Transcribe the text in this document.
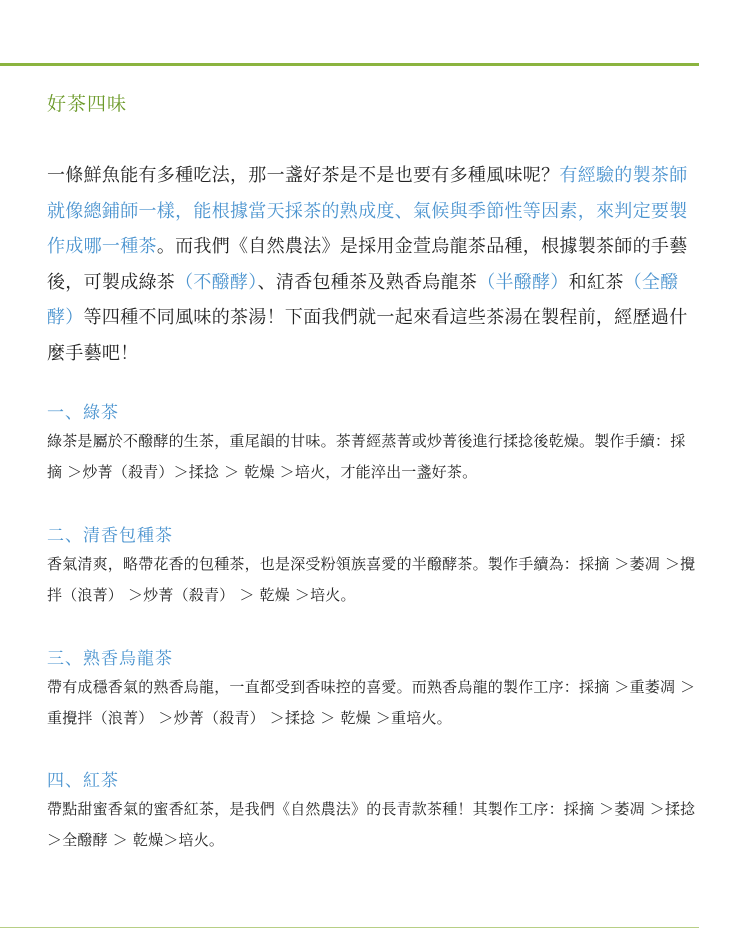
好茶四味
一條鮮魚能有多種吃法，那一盞好茶是不是也要有多種風味呢？有經驗的製茶師就像總鋪師一樣，能根據當天採茶的熟成度、氣候與季節性等因素，來判定要製作成哪一種茶。而我們《自然農法》是採用金萱烏龍茶品種，根據製茶師的手藝後，可製成綠茶（不醱酵）、清香包種茶及熟香烏龍茶（半醱酵）和紅茶（全醱酵）等四種不同風味的茶湯！下面我們就一起來看這些茶湯在製程前，經歷過什麼手藝吧！
一、綠茶
綠茶是屬於不醱酵的生茶，重尾韻的甘味。茶菁經蒸菁或炒菁後進行揉捻後乾燥。製作手續：採摘 ＞炒菁（殺青）＞揉捻 ＞ 乾燥 ＞培火，才能淬出一盞好茶。
二、清香包種茶
香氣清爽，略帶花香的包種茶，也是深受粉領族喜愛的半醱酵茶。製作手續為：採摘 ＞萎凋 ＞攪拌（浪菁） ＞炒菁（殺青） ＞ 乾燥 ＞培火。
三、熟香烏龍茶
帶有成穩香氣的熟香烏龍，一直都受到香味控的喜愛。而熟香烏龍的製作工序：採摘 ＞重萎凋 ＞重攪拌（浪菁） ＞炒菁（殺青） ＞揉捻 ＞ 乾燥 ＞重培火。
四、紅茶
帶點甜蜜香氣的蜜香紅茶，是我們《自然農法》的長青款茶種！其製作工序：採摘 ＞萎凋 ＞揉捻＞全醱酵 ＞ 乾燥＞培火。
